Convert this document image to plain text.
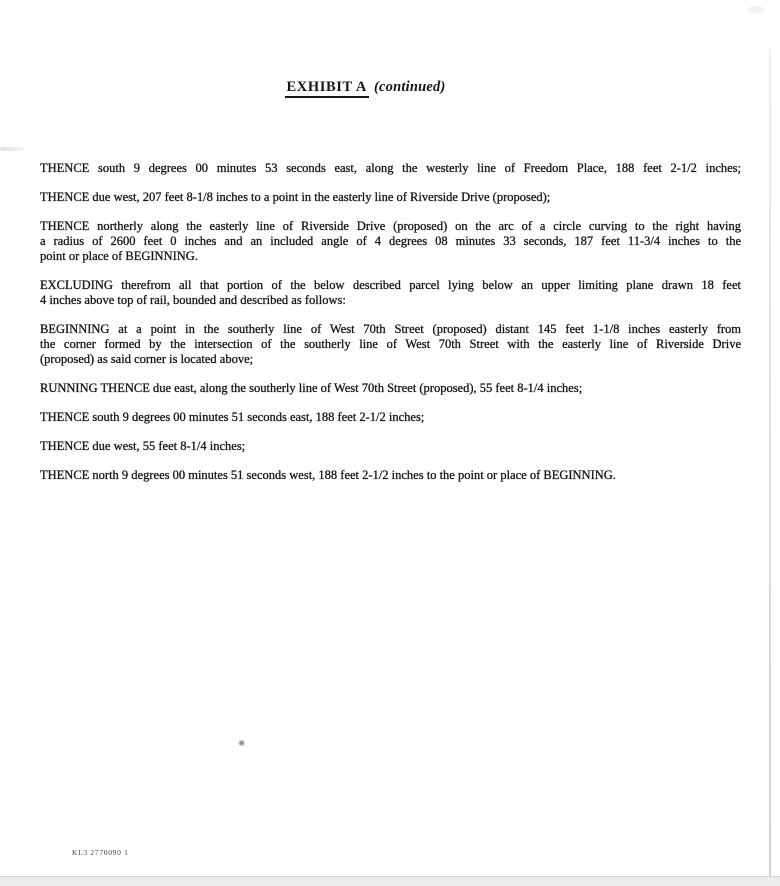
EXHIBIT A (continued)

THENCE south 9 degrees 00 minutes 53 seconds east, along the westerly line of Freedom Place, 188 feet 2-1/2 inches;

THENCE due west, 207 feet 8-1/8 inches to a point in the easterly line of Riverside Drive (proposed);

THENCE northerly along the easterly line of Riverside Drive (proposed) on the arc of a circle curving to the right having
a radius of 2600 feet 0 inches and an included angle of 4 degrees 08 minutes 33 seconds, 187 feet 11-3/4 inches to the
point or place of BEGINNING.

EXCLUDING therefrom all that portion of the below described parcel lying below an upper limiting plane drawn 18 feet
4 inches above top of rail, bounded and described as follows:

BEGINNING at a point in the southerly line of West 70th Street (proposed) distant 145 feet 1-1/8 inches easterly from
the corner formed by the intersection of the southerly line of West 70th Street with the easterly line of Riverside Drive
(proposed) as said corner is located above;

RUNNING THENCE due east, along the southerly line of West 70th Street (proposed), 55 feet 8-1/4 inches;

THENCE south 9 degrees 00 minutes 51 seconds east, 188 feet 2-1/2 inches;

THENCE due west, 55 feet 8-1/4 inches;

THENCE north 9 degrees 00 minutes 51 seconds west, 188 feet 2-1/2 inches to the point or place of BEGINNING.

KL3 2770090 1
